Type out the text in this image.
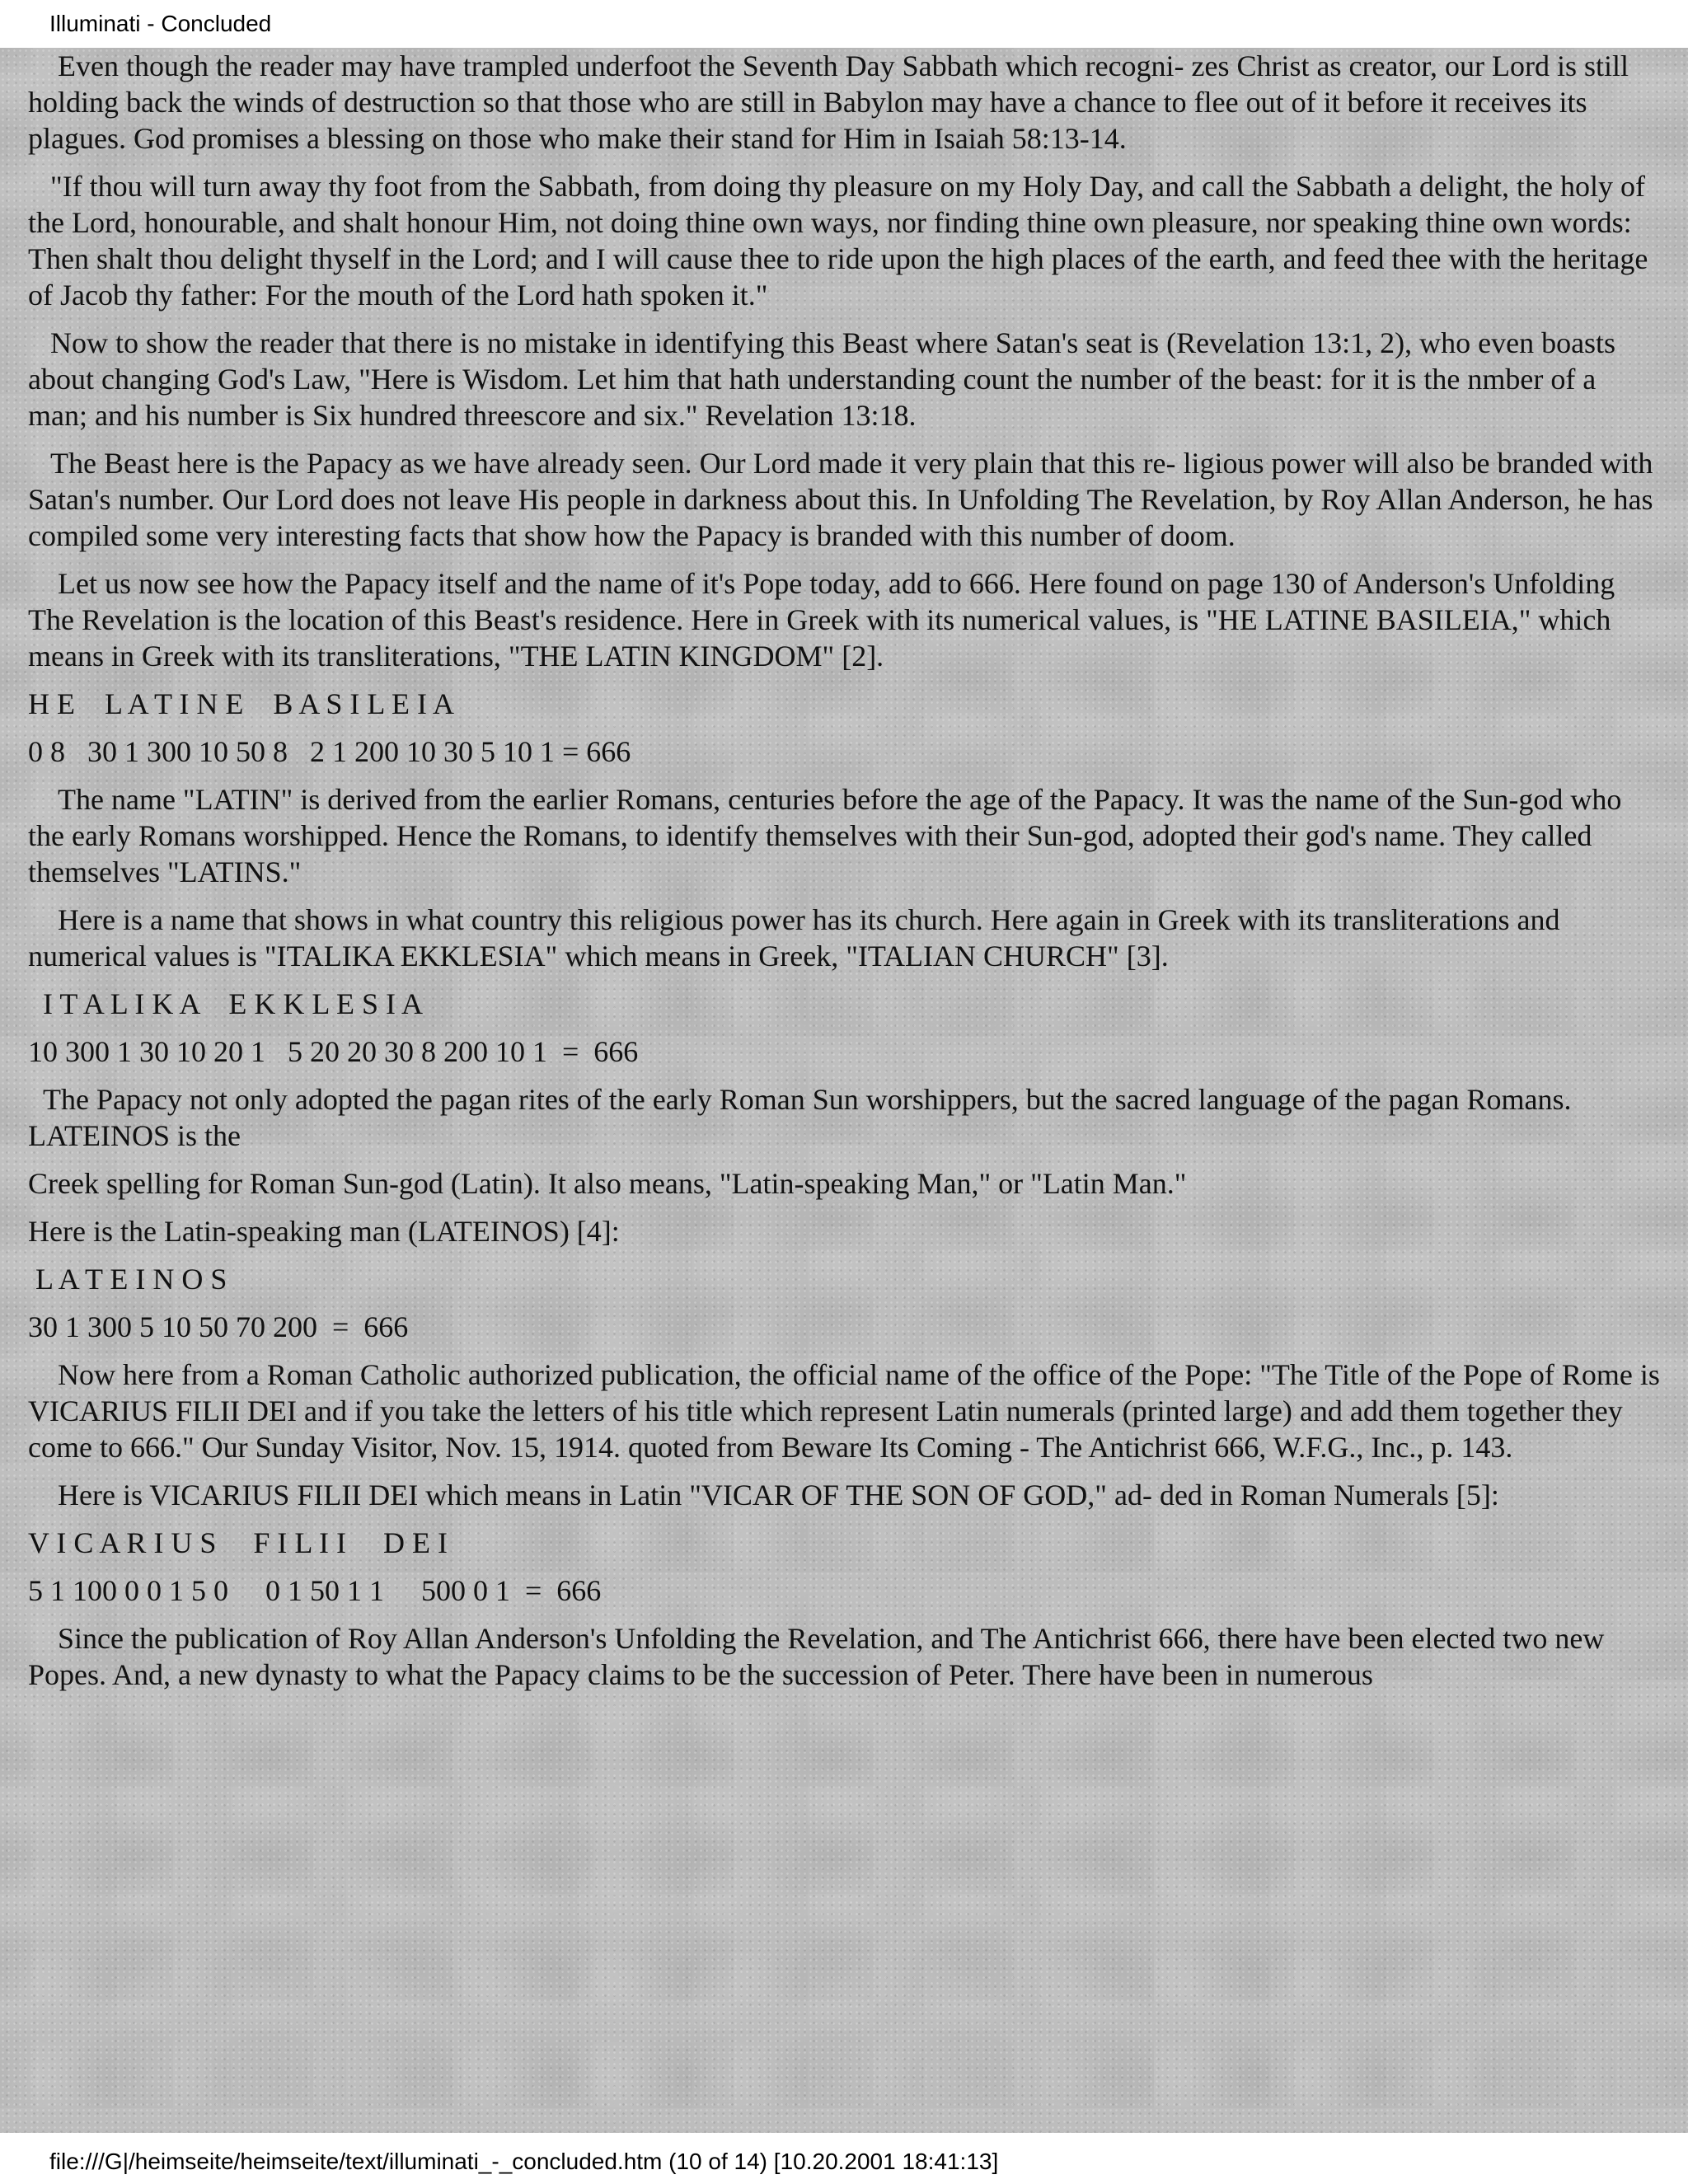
Illuminati - Concluded

Even though the reader may have trampled underfoot the Seventh Day Sabbath which recogni- zes Christ as creator, our Lord is still holding back the winds of destruction so that those who are still in Babylon may have a chance to flee out of it before it receives its plagues. God promises a blessing on those who make their stand for Him in Isaiah 58:13-14.

"If thou will turn away thy foot from the Sabbath, from doing thy pleasure on my Holy Day, and call the Sabbath a delight, the holy of the Lord, honourable, and shalt honour Him, not doing thine own ways, nor finding thine own pleasure, nor speaking thine own words: Then shalt thou delight thyself in the Lord; and I will cause thee to ride upon the high places of the earth, and feed thee with the heritage of Jacob thy father: For the mouth of the Lord hath spoken it."

Now to show the reader that there is no mistake in identifying this Beast where Satan's seat is (Revelation 13:1, 2), who even boasts about changing God's Law, "Here is Wisdom. Let him that hath understanding count the number of the beast: for it is the nmber of a man; and his number is Six hundred threescore and six." Revelation 13:18.

The Beast here is the Papacy as we have already seen. Our Lord made it very plain that this re- ligious power will also be branded with Satan's number. Our Lord does not leave His people in darkness about this. In Unfolding The Revelation, by Roy Allan Anderson, he has compiled some very interesting facts that show how the Papacy is branded with this number of doom.

Let us now see how the Papacy itself and the name of it's Pope today, add to 666. Here found on page 130 of Anderson's Unfolding The Revelation is the location of this Beast's residence. Here in Greek with its numerical values, is "HE LATINE BASILEIA," which means in Greek with its transliterations, "THE LATIN KINGDOM" [2].

H E    L A T I N E    B A S I L E I A

0 8   30 1 300 10 50 8   2 1 200 10 30 5 10 1 = 666

The name "LATIN" is derived from the earlier Romans, centuries before the age of the Papacy. It was the name of the Sun-god who the early Romans worshipped. Hence the Romans, to identify themselves with their Sun-god, adopted their god's name. They called themselves "LATINS."

Here is a name that shows in what country this religious power has its church. Here again in Greek with its transliterations and numerical values is "ITALIKA EKKLESIA" which means in Greek, "ITALIAN CHURCH" [3].

I T A L I K A    E K K L E S I A

10 300 1 30 10 20 1   5 20 20 30 8 200 10 1  =  666

The Papacy not only adopted the pagan rites of the early Roman Sun worshippers, but the sacred language of the pagan Romans. LATEINOS is the

Creek spelling for Roman Sun-god (Latin). It also means, "Latin-speaking Man," or "Latin Man."

Here is the Latin-speaking man (LATEINOS) [4]:

L A T E I N O S

30 1 300 5 10 50 70 200  =  666

Now here from a Roman Catholic authorized publication, the official name of the office of the Pope: "The Title of the Pope of Rome is VICARIUS FILII DEI and if you take the letters of his title which represent Latin numerals (printed large) and add them together they come to 666." Our Sunday Visitor, Nov. 15, 1914. quoted from Beware Its Coming - The Antichrist 666, W.F.G., Inc., p. 143.

Here is VICARIUS FILII DEI which means in Latin "VICAR OF THE SON OF GOD," ad- ded in Roman Numerals [5]:

V I C A R I U S     F I L I I     D E I

5 1 100 0 0 1 5 0     0 1 50 1 1     500 0 1  =  666

Since the publication of Roy Allan Anderson's Unfolding the Revelation, and The Antichrist 666, there have been elected two new Popes. And, a new dynasty to what the Papacy claims to be the succession of Peter. There have been in numerous

file:///G|/heimseite/heimseite/text/illuminati_-_concluded.htm (10 of 14) [10.20.2001 18:41:13]
